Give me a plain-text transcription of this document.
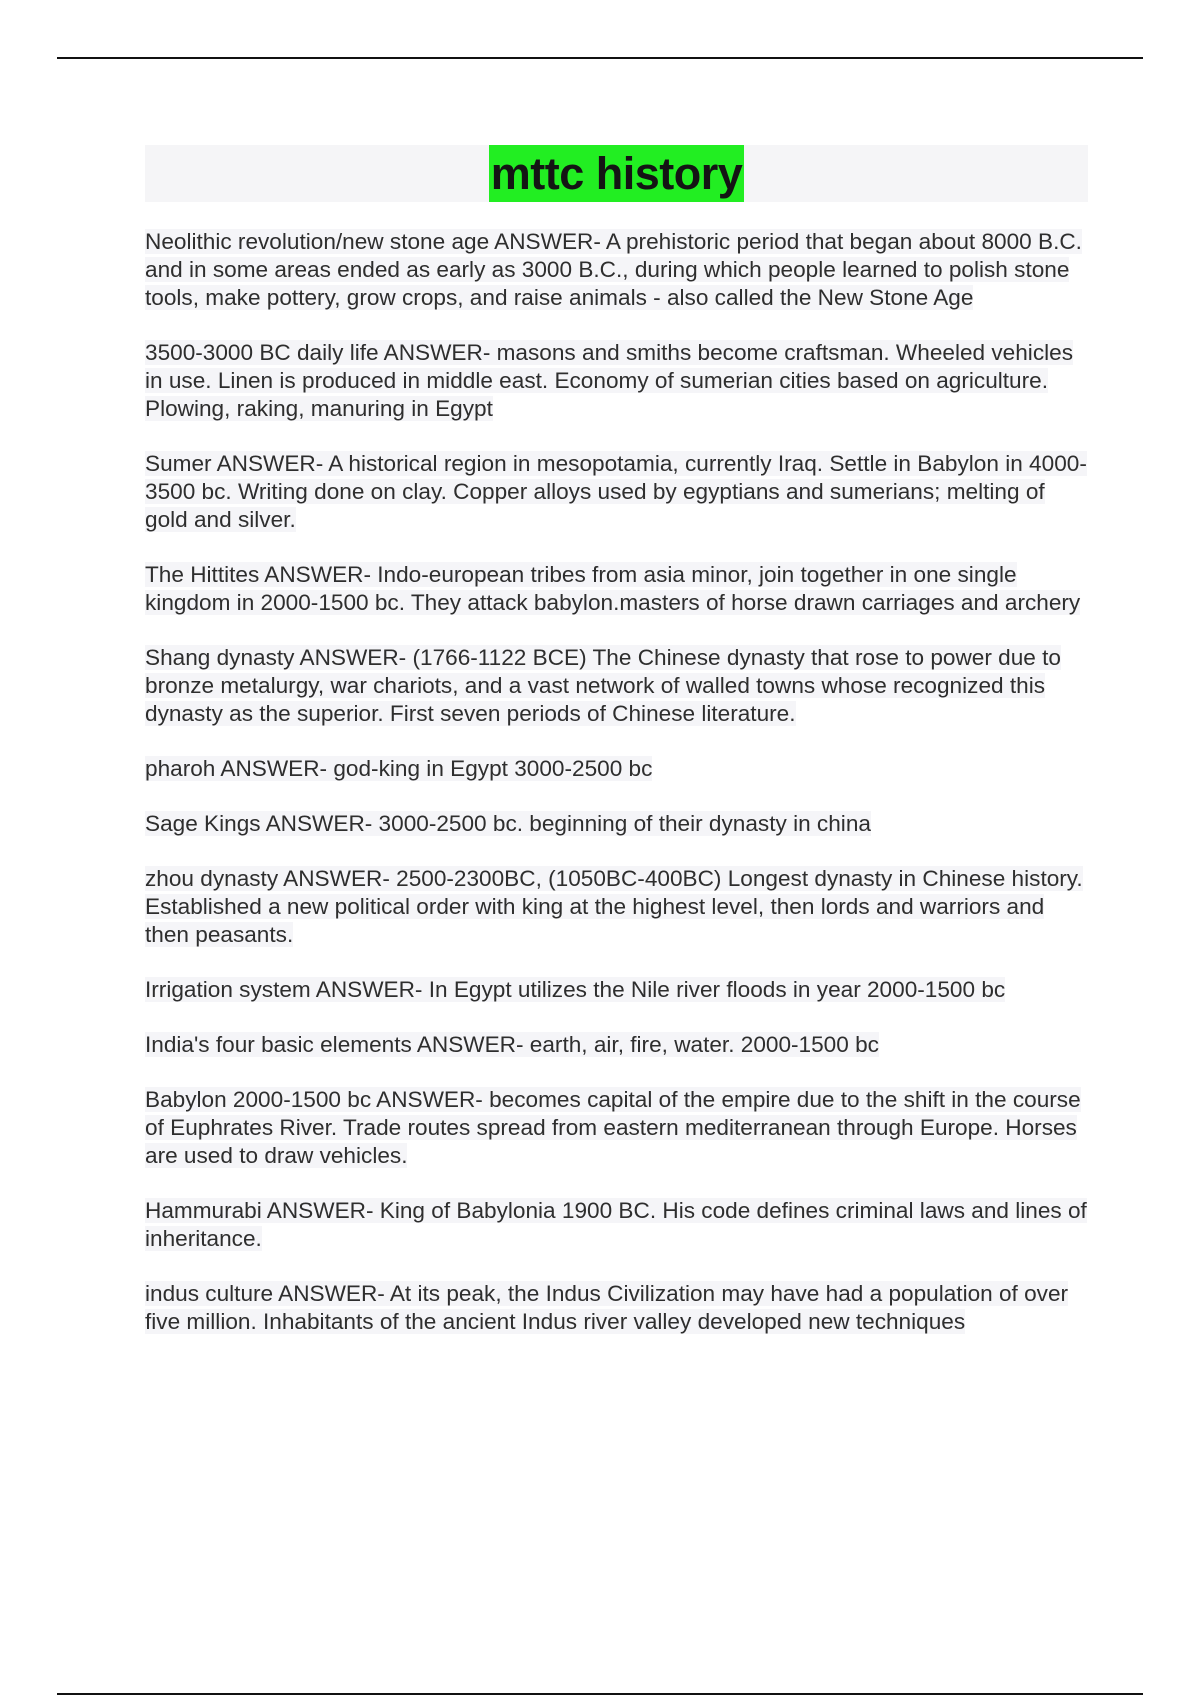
mttc history

Neolithic revolution/new stone age ANSWER- A prehistoric period that began about 8000 B.C. and in some areas ended as early as 3000 B.C., during which people learned to polish stone tools, make pottery, grow crops, and raise animals - also called the New Stone Age

3500-3000 BC daily life ANSWER- masons and smiths become craftsman. Wheeled vehicles in use. Linen is produced in middle east. Economy of sumerian cities based on agriculture. Plowing, raking, manuring in Egypt

Sumer ANSWER- A historical region in mesopotamia, currently Iraq. Settle in Babylon in 4000-3500 bc. Writing done on clay. Copper alloys used by egyptians and sumerians; melting of gold and silver.

The Hittites ANSWER- Indo-european tribes from asia minor, join together in one single kingdom in 2000-1500 bc. They attack babylon.masters of horse drawn carriages and archery

Shang dynasty ANSWER- (1766-1122 BCE) The Chinese dynasty that rose to power due to bronze metalurgy, war chariots, and a vast network of walled towns whose recognized this dynasty as the superior. First seven periods of Chinese literature.

pharoh ANSWER- god-king in Egypt 3000-2500 bc

Sage Kings ANSWER- 3000-2500 bc. beginning of their dynasty in china

zhou dynasty ANSWER- 2500-2300BC, (1050BC-400BC) Longest dynasty in Chinese history. Established a new political order with king at the highest level, then lords and warriors and then peasants.

Irrigation system ANSWER- In Egypt utilizes the Nile river floods in year 2000-1500 bc

India's four basic elements ANSWER- earth, air, fire, water. 2000-1500 bc

Babylon 2000-1500 bc ANSWER- becomes capital of the empire due to the shift in the course of Euphrates River. Trade routes spread from eastern mediterranean through Europe. Horses are used to draw vehicles.

Hammurabi ANSWER- King of Babylonia 1900 BC. His code defines criminal laws and lines of inheritance.

indus culture ANSWER- At its peak, the Indus Civilization may have had a population of over five million. Inhabitants of the ancient Indus river valley developed new techniques
